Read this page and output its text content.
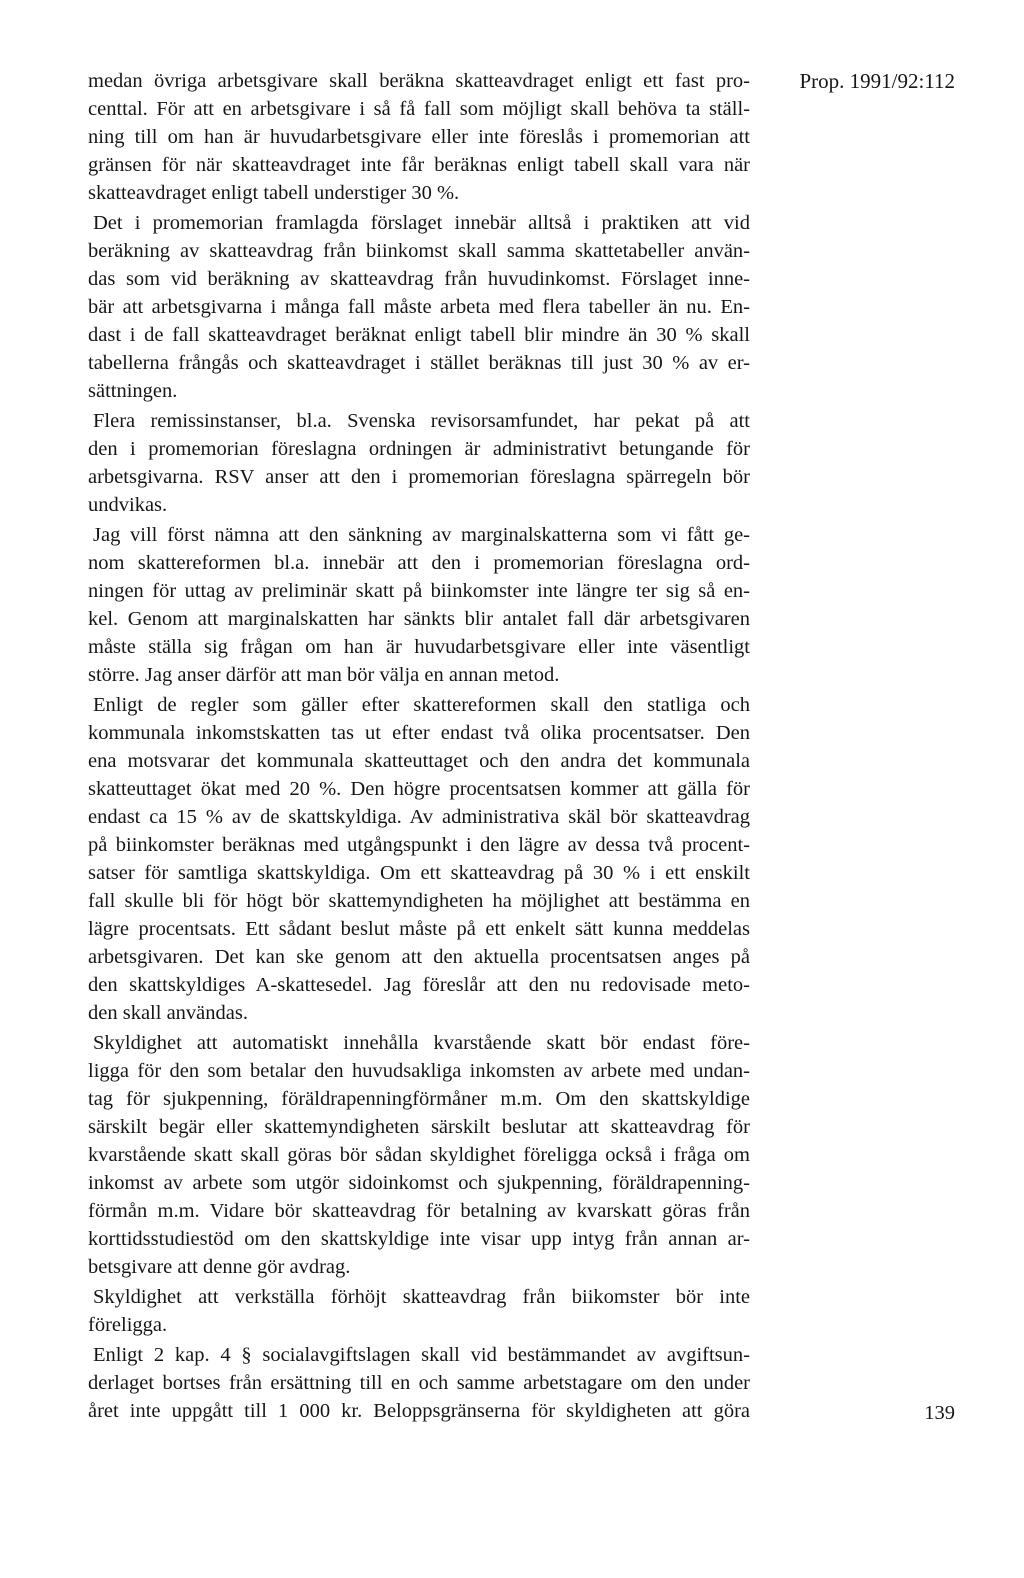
Prop. 1991/92:112
medan övriga arbetsgivare skall beräkna skatteavdraget enligt ett fast pro-
centtal. För att en arbetsgivare i så få fall som möjligt skall behöva ta ställ-
ning till om han är huvudarbetsgivare eller inte föreslås i promemorian att
gränsen för när skatteavdraget inte får beräknas enligt tabell skall vara när
skatteavdraget enligt tabell understiger 30 %.
Det i promemorian framlagda förslaget innebär alltså i praktiken att vid
beräkning av skatteavdrag från biinkomst skall samma skattetabeller använ-
das som vid beräkning av skatteavdrag från huvudinkomst. Förslaget inne-
bär att arbetsgivarna i många fall måste arbeta med flera tabeller än nu. En-
dast i de fall skatteavdraget beräknat enligt tabell blir mindre än 30 % skall
tabellerna frångås och skatteavdraget i stället beräknas till just 30 % av er-
sättningen.
Flera remissinstanser, bl.a. Svenska revisorsamfundet, har pekat på att
den i promemorian föreslagna ordningen är administrativt betungande för
arbetsgivarna. RSV anser att den i promemorian föreslagna spärregeln bör
undvikas.
Jag vill först nämna att den sänkning av marginalskatterna som vi fått ge-
nom skattereformen bl.a. innebär att den i promemorian föreslagna ord-
ningen för uttag av preliminär skatt på biinkomster inte längre ter sig så en-
kel. Genom att marginalskatten har sänkts blir antalet fall där arbetsgivaren
måste ställa sig frågan om han är huvudarbetsgivare eller inte väsentligt
större. Jag anser därför att man bör välja en annan metod.
Enligt de regler som gäller efter skattereformen skall den statliga och
kommunala inkomstskatten tas ut efter endast två olika procentsatser. Den
ena motsvarar det kommunala skatteuttaget och den andra det kommunala
skatteuttaget ökat med 20 %. Den högre procentsatsen kommer att gälla för
endast ca 15 % av de skattskyldiga. Av administrativa skäl bör skatteavdrag
på biinkomster beräknas med utgångspunkt i den lägre av dessa två procent-
satser för samtliga skattskyldiga. Om ett skatteavdrag på 30 % i ett enskilt
fall skulle bli för högt bör skattemyndigheten ha möjlighet att bestämma en
lägre procentsats. Ett sådant beslut måste på ett enkelt sätt kunna meddelas
arbetsgivaren. Det kan ske genom att den aktuella procentsatsen anges på
den skattskyldiges A-skattesedel. Jag föreslår att den nu redovisade meto-
den skall användas.
Skyldighet att automatiskt innehålla kvarstående skatt bör endast före-
ligga för den som betalar den huvudsakliga inkomsten av arbete med undan-
tag för sjukpenning, föräldrapenningförmåner m.m. Om den skattskyldige
särskilt begär eller skattemyndigheten särskilt beslutar att skatteavdrag för
kvarstående skatt skall göras bör sådan skyldighet föreligga också i fråga om
inkomst av arbete som utgör sidoinkomst och sjukpenning, föräldrapenning-
förmån m.m. Vidare bör skatteavdrag för betalning av kvarskatt göras från
korttidsstudiestöd om den skattskyldige inte visar upp intyg från annan ar-
betsgivare att denne gör avdrag.
Skyldighet att verkställa förhöjt skatteavdrag från biikomster bör inte
föreligga.
Enligt 2 kap. 4 § socialavgiftslagen skall vid bestämmandet av avgiftsun-
derlaget bortses från ersättning till en och samme arbetstagare om den under
året inte uppgått till 1 000 kr. Beloppsgränserna för skyldigheten att göra	139
